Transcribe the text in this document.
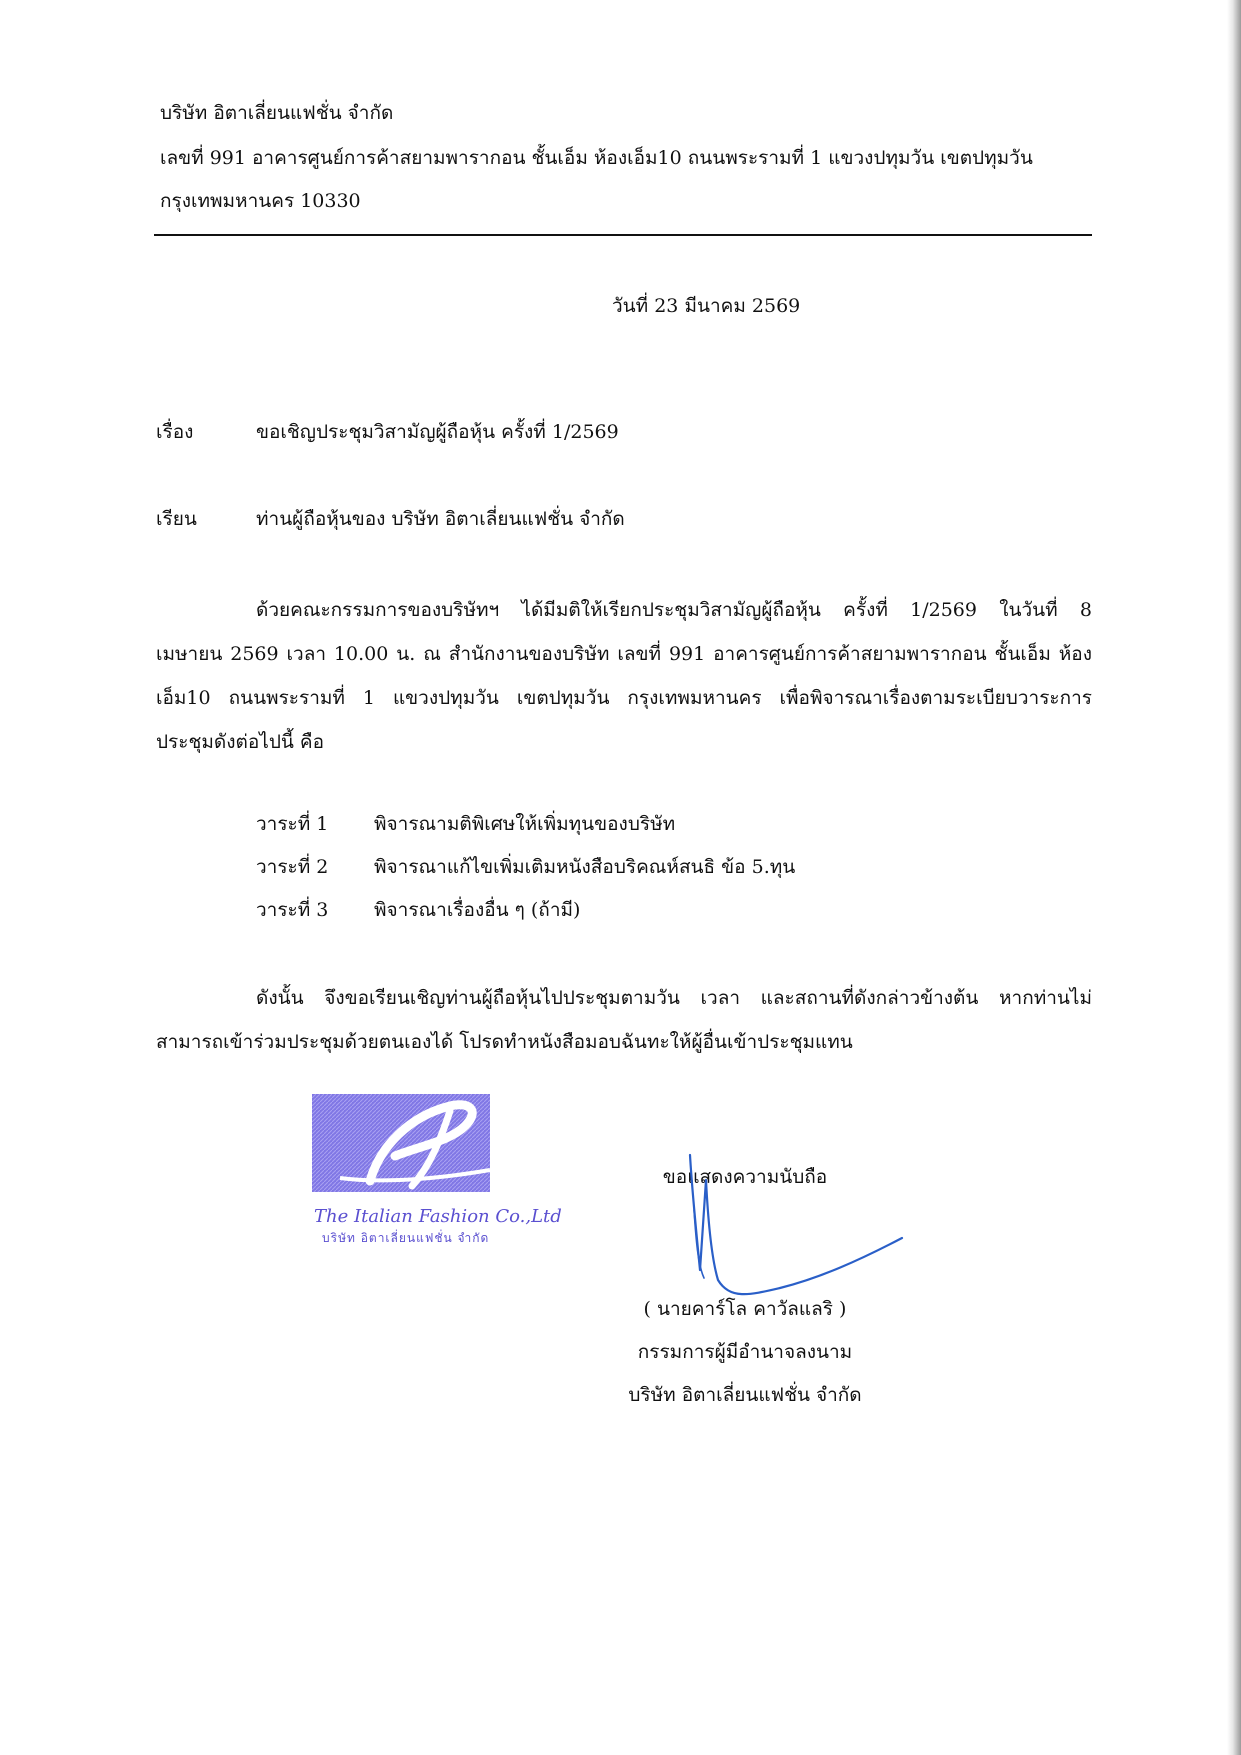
บริษัท อิตาเลี่ยนแฟชั่น จำกัด
เลขที่ 991 อาคารศูนย์การค้าสยามพารากอน ชั้นเอ็ม ห้องเอ็ม10 ถนนพระรามที่ 1 แขวงปทุมวัน เขตปทุมวัน
กรุงเทพมหานคร 10330
วันที่ 23 มีนาคม 2569
เรื่อง	ขอเชิญประชุมวิสามัญผู้ถือหุ้น ครั้งที่ 1/2569
เรียน	ท่านผู้ถือหุ้นของ บริษัท อิตาเลี่ยนแฟชั่น จำกัด
ด้วยคณะกรรมการของบริษัทฯ ได้มีมติให้เรียกประชุมวิสามัญผู้ถือหุ้น ครั้งที่ 1/2569 ในวันที่ 8
เมษายน 2569 เวลา 10.00 น. ณ สำนักงานของบริษัท เลขที่ 991 อาคารศูนย์การค้าสยามพารากอน ชั้นเอ็ม ห้อง
เอ็ม10 ถนนพระรามที่ 1 แขวงปทุมวัน เขตปทุมวัน กรุงเทพมหานคร เพื่อพิจารณาเรื่องตามระเบียบวาระการ
ประชุมดังต่อไปนี้ คือ
วาระที่ 1 พิจารณามติพิเศษให้เพิ่มทุนของบริษัท
วาระที่ 2 พิจารณาแก้ไขเพิ่มเติมหนังสือบริคณห์สนธิ ข้อ 5.ทุน
วาระที่ 3 พิจารณาเรื่องอื่น ๆ (ถ้ามี)
ดังนั้น จึงขอเรียนเชิญท่านผู้ถือหุ้นไปประชุมตามวัน เวลา และสถานที่ดังกล่าวข้างต้น หากท่านไม่
สามารถเข้าร่วมประชุมด้วยตนเองได้ โปรดทำหนังสือมอบฉันทะให้ผู้อื่นเข้าประชุมแทน
The Italian Fashion Co.,Ltd
บริษัท อิตาเลี่ยนแฟชั่น จำกัด
ขอแสดงความนับถือ
( นายคาร์โล คาวัลแลริ )
กรรมการผู้มีอำนาจลงนาม
บริษัท อิตาเลี่ยนแฟชั่น จำกัด
